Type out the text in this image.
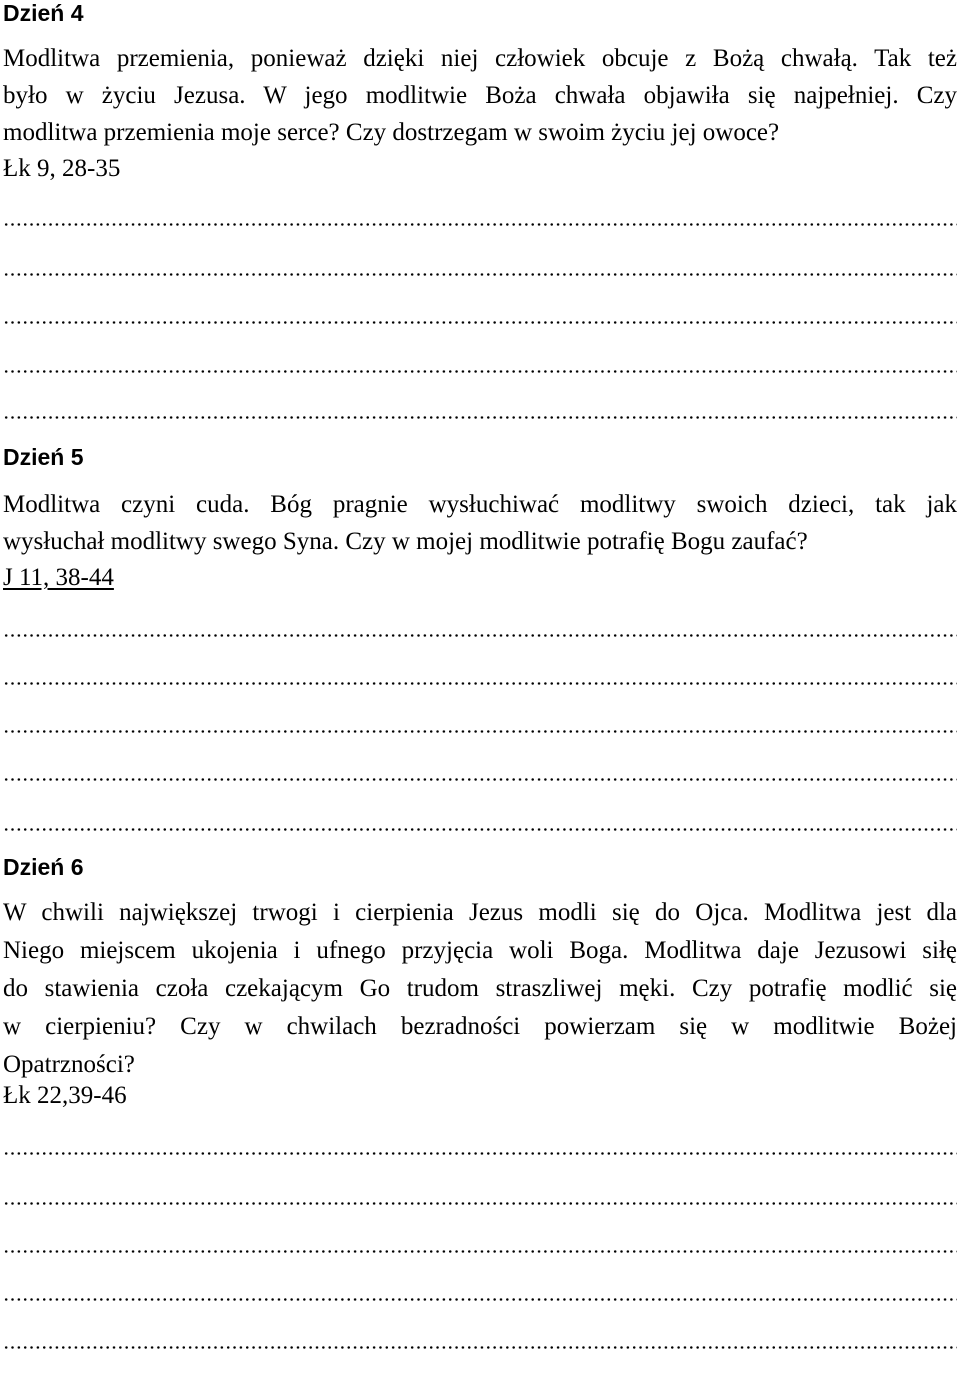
Dzień 4
Modlitwa przemienia, ponieważ dzięki niej człowiek obcuje z Bożą chwałą. Tak też
było w życiu Jezusa. W jego modlitwie Boża chwała objawiła się najpełniej. Czy
modlitwa przemienia moje serce? Czy dostrzegam w swoim życiu jej owoce?
Łk 9, 28-35
Dzień 5
Modlitwa czyni cuda. Bóg pragnie wysłuchiwać modlitwy swoich dzieci, tak jak
wysłuchał modlitwy swego Syna. Czy w mojej modlitwie potrafię Bogu zaufać?
J 11, 38-44
Dzień 6
W chwili największej trwogi i cierpienia Jezus modli się do Ojca. Modlitwa jest dla
Niego miejscem ukojenia i ufnego przyjęcia woli Boga. Modlitwa daje Jezusowi siłę
do stawienia czoła czekającym Go trudom straszliwej męki. Czy potrafię modlić się
w cierpieniu? Czy w chwilach bezradności powierzam się w modlitwie Bożej
Opatrzności?
Łk 22,39-46
